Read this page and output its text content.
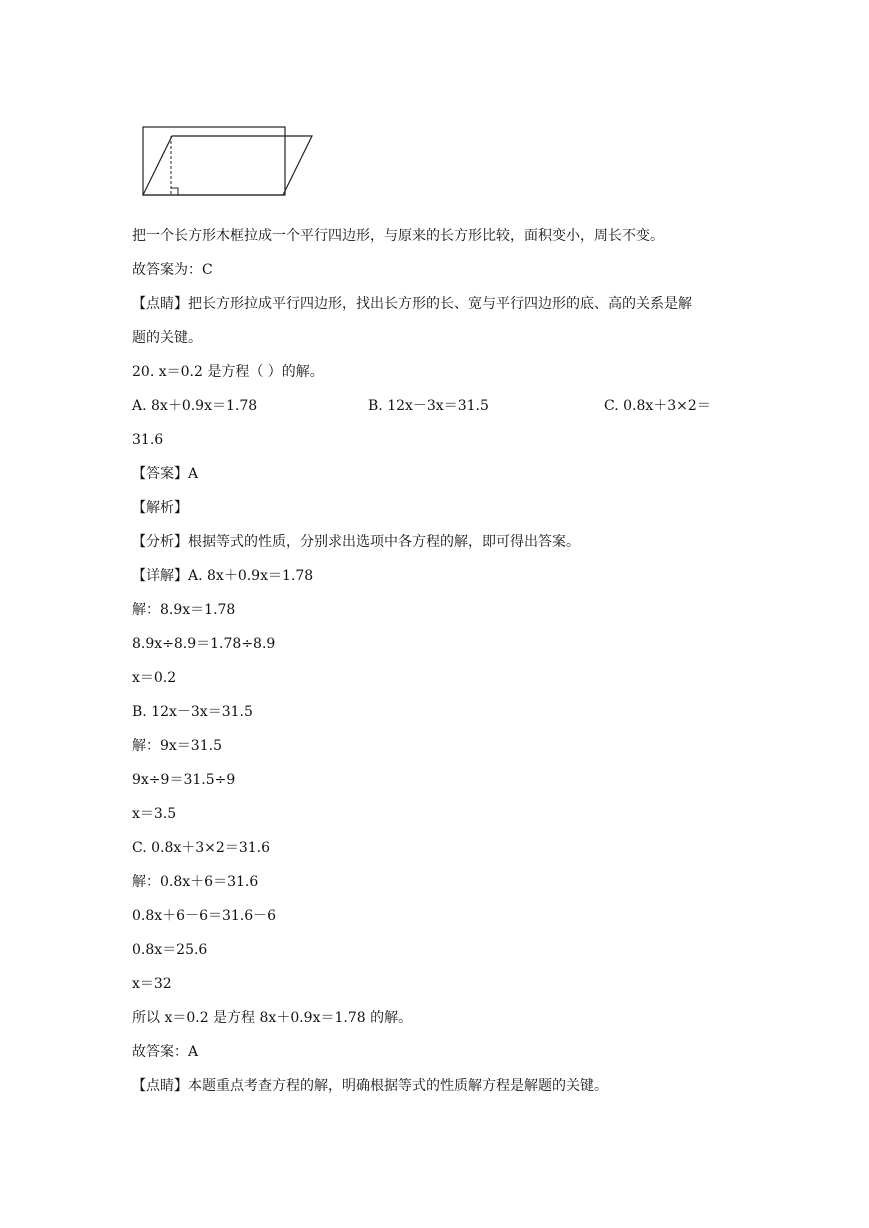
把一个长方形木框拉成一个平行四边形，与原来的长方形比较，面积变小，周长不变。
故答案为：C
【点睛】把长方形拉成平行四边形，找出长方形的长、宽与平行四边形的底、高的关系是解
题的关键。
20. x＝0.2 是方程（ ）的解。
A. 8x＋0.9x＝1.78	B. 12x－3x＝31.5	C. 0.8x＋3×2＝
31.6
【答案】A
【解析】
【分析】根据等式的性质，分别求出选项中各方程的解，即可得出答案。
【详解】A. 8x＋0.9x＝1.78
解：8.9x＝1.78
8.9x÷8.9＝1.78÷8.9
x＝0.2
B. 12x－3x＝31.5
解：9x＝31.5
9x÷9＝31.5÷9
x＝3.5
C. 0.8x＋3×2＝31.6
解：0.8x＋6＝31.6
0.8x＋6－6＝31.6－6
0.8x＝25.6
x＝32
所以 x＝0.2 是方程 8x＋0.9x＝1.78 的解。
故答案：A
【点睛】本题重点考查方程的解，明确根据等式的性质解方程是解题的关键。
